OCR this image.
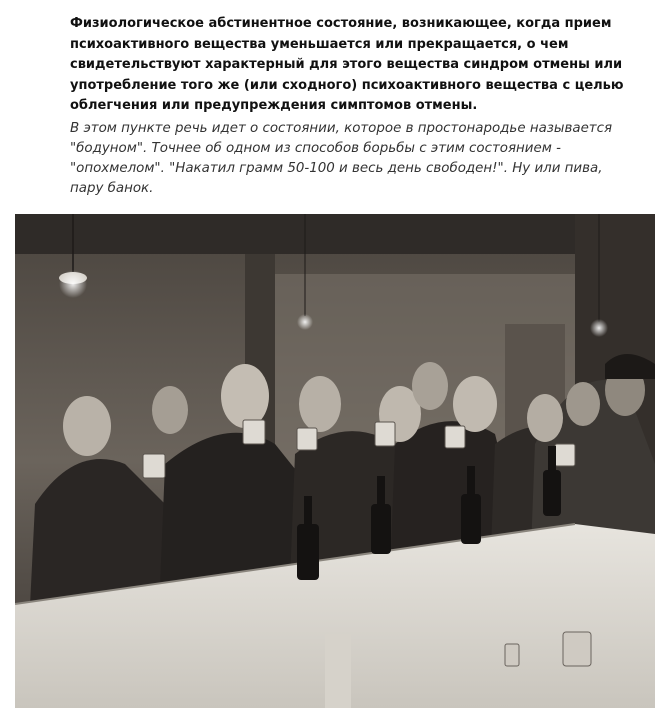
Физиологическое абстинентное состояние, возникающее, когда прием психоактивного вещества уменьшается или прекращается, о чем свидетельствуют характерный для этого вещества синдром отмены или употребление того же (или сходного) психоактивного вещества с целью облегчения или предупреждения симптомов отмены.

В этом пункте речь идет о состоянии, которое в простонародье называется "бодуном". Точнее об одном из способов борьбы с этим состоянием - "опохмелом". "Накатил грамм 50-100 и весь день свободен!". Ну или пива, пару банок.
